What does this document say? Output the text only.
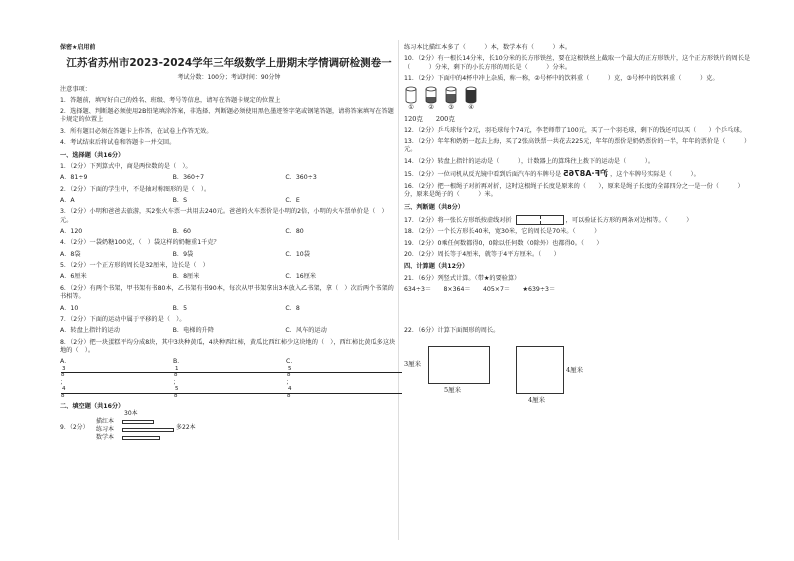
保密★启用前
江苏省苏州市2023-2024学年三年级数学上册期末学情调研检测卷一
考试分数：100分；考试时间：90分钟
注意事项：
1．答题前，填写好自己的姓名、班级、考号等信息，请写在答题卡规定的位置上
2．选择题、判断题必须使用2B铅笔填涂答案，非选择、判断题必须使用黑色墨迹签字笔或钢笔答题，请将答案填写在答题卡规定的位置上
3．所有题目必须在答题卡上作答，在试卷上作答无效。
4．考试结束后将试卷和答题卡一并交回。
一、选择题（共16分）
1．（2分）下列算式中，商是两位数的是（　）。
A．81÷9	B．360÷7	C．360÷3
2．（2分）下面的学生中，不是轴对称图形的是（　）。
A．A	B．S	C．E
3．（2分）小明和爸爸去旅游，买2张火车票一共用去240元。爸爸的火车票价是小明的2倍，小明的火车票单价是（　）元。
A．120	B．60	C．80
4．（2分）一袋奶糖100克，（　）袋这样的奶糖重1千克？
A．8袋	B．9袋	C．10袋
5．（2分）一个正方形的周长是32厘米，边长是（　）
A．6厘米	B．8厘米	C．16厘米
6．（2分）有两个书架，甲书架有书80本，乙书架有书90本，每次从甲书架拿出3本放入乙书架，拿（　）次后两个书架的书相等。
A．10	B．5	C．8
7．（2分）下面的运动中属于平移的是（　）。
A．转盘上指针的运动	B．电梯的升降	C．风车的运动
8．（2分）把一块蛋糕平均分成8块，其中3块种黄瓜，4块种西红柿，黄瓜比西红柿少这块地的（　），西红柿比黄瓜多这块地的（　）。
A．$\frac{3}{8}$；$\frac{4}{8}$
B．$\frac{1}{8}$；$\frac{5}{8}$
C．$\frac{5}{8}$；$\frac{4}{8}$
二、填空题（共16分）
9．（2分）
30本
描红本
练习本
数学本
多22本
练习本比描红本多了（　　　）本，数学本有（　　　）本。
10．（2分）有一根长14分米，长10分米的长方形铁丝，要在这根铁丝上截取一个最大的正方形铁片，这个正方形铁片的周长是（　　　）分米，剩下的小长方形的周长是（　　　）分米。
11．（2分）下面中的4杯中冲上杂质，称一称，②号杯中的饮料重（　　　）克，③号杯中的饮料重（　　　）克。
① ② ③ ④
120克　　200克
12．（2分）乒乓球每个2元，羽毛球每个74元，李老师带了100元，买了一个羽毛球，剩下的钱还可以买（　　）个乒乓球。
13．（2分）年年和奶奶一起去上海，买了2张高铁票一共花去225元，年年的票价是奶奶票价的一半，年年的票价是（　　　）元。
14．（2分）转盘上指针的运动是（　　　），计数器上的算珠往上拨下的运动是（　　　）。
15．（2分）一位司机从反光镜中看到后面汽车的车牌号是 沪F·A8765 ，这个车牌号实际是（　　　）。
16．（2分）把一根绳子对折再对折，这时这根绳子长度是原来的（　　），原来是绳子长度的全部四分之一是一份（　　　）分，原来是绳子的（　　　）米。
三、判断题（共8分）
17．（2分）将一张长方形纸按虚线对折	，可以验证长方形的两条对边相等。（　　　）
18．（2分）一个长方形长40米，宽30米，它的周长是70米。（　　　）
19．（2分）0乘任何数都得0，0除以任何数（0除外）也都得0。（　　）
20．（2分）周长等于4厘米，就等于4平方厘米。（　　）
四、计算题（共12分）
21．（6分）列竖式计算。（带★的要验算）
634÷3＝　　8×364＝　　405×7＝　　★639÷3＝
22．（6分）计算下面图形的周长。
3厘米
5厘米
4厘米
4厘米
